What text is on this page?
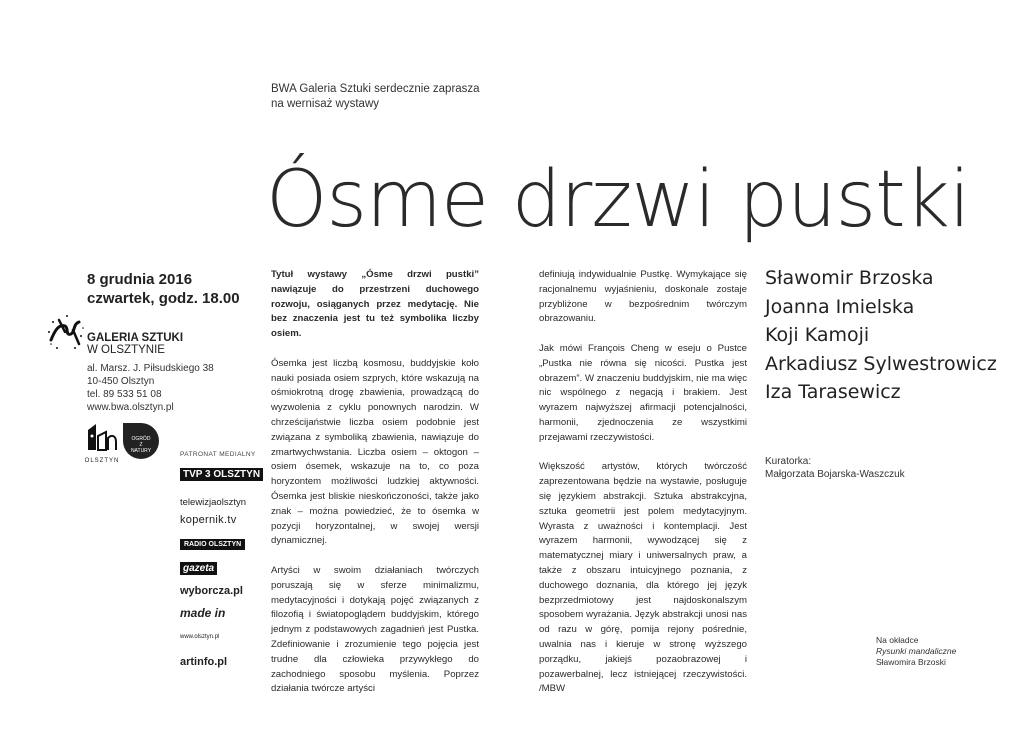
BWA Galeria Sztuki serdecznie zaprasza
na wernisaż wystawy
Ósme drzwi pustki
8 grudnia 2016
czwartek, godz. 18.00
GALERIA SZTUKI
W OLSZTYNIE
al. Marsz. J. Piłsudskiego 38
10-450 Olsztyn
tel. 89 533 51 08
www.bwa.olsztyn.pl
OLSZTYN
OGRÓD Z NATURY	PATRONAT MEDIALNY
TVP 3 OLSZTYN
telewizjaolsztyn
kopernik.tv
RADIO OLSZTYN
gazeta
wyborcza.pl
made in
www.olsztyn.pl
artinfo.pl

Tytuł wystawy „Ósme drzwi pustki” nawiązuje do przestrzeni duchowego rozwoju, osiąganych przez medytację. Nie bez znaczenia jest tu też symbolika liczby osiem.

Ósemka jest liczbą kosmosu, buddyjskie koło nauki posiada osiem szprych, które wskazują na ośmiokrotną drogę zbawienia, prowadzącą do wyzwolenia z cyklu ponownych narodzin. W chrześcijaństwie liczba osiem podobnie jest związana z symboliką zbawienia, nawiązuje do zmartwychwstania. Liczba osiem – oktogon – osiem ósemek, wskazuje na to, co poza horyzontem możliwości ludzkiej aktywności. Ósemka jest bliskie nieskończoności, także jako znak – można powiedzieć, że to ósemka w pozycji horyzontalnej, w swojej wersji dynamicznej.

Artyści w swoim działaniach twórczych poruszają się w sferze minimalizmu, medytacyjności i dotykają pojęć związanych z filozofią i światopoglądem buddyjskim, którego jednym z podstawowych zagadnień jest Pustka. Zdefiniowanie i zrozumienie tego pojęcia jest trudne dla człowieka przywykłego do zachodniego sposobu myślenia. Poprzez działania twórcze artyści

definiują indywidualnie Pustkę. Wymykające się racjonalnemu wyjaśnieniu, doskonale zostaje przybliżone w bezpośrednim twórczym obrazowaniu.

Jak mówi François Cheng w eseju o Pustce „Pustka nie równa się nicości. Pustka jest obrazem”. W znaczeniu buddyjskim, nie ma więc nic wspólnego z negacją i brakiem. Jest wyrazem najwyższej afirmacji potencjalności, harmonii, zjednoczenia ze wszystkimi przejawami rzeczywistości.

Większość artystów, których twórczość zaprezentowana będzie na wystawie, posługuje się językiem abstrakcji. Sztuka abstrakcyjna, sztuka geometrii jest polem medytacyjnym. Wyrasta z uważności i kontemplacji. Jest wyrazem harmonii, wywodzącej się z matematycznej miary i uniwersalnych praw, a także z obszaru intuicyjnego poznania, z duchowego doznania, dla którego jej język bezprzedmiotowy jest najdoskonalszym sposobem wyrażania. Język abstrakcji unosi nas od razu w górę, pomija rejony pośrednie, uwalnia nas i kieruje w stronę wyższego porządku, jakiejś pozaobrazowej i pozawerbalnej, lecz istniejącej rzeczywistości. /MBW

Sławomir Brzoska
Joanna Imielska
Koji Kamoji
Arkadiusz Sylwestrowicz
Iza Tarasewicz
Kuratorka:
Małgorzata Bojarska-Waszczuk
Na okładce
Rysunki mandaliczne
Sławomira Brzoski
